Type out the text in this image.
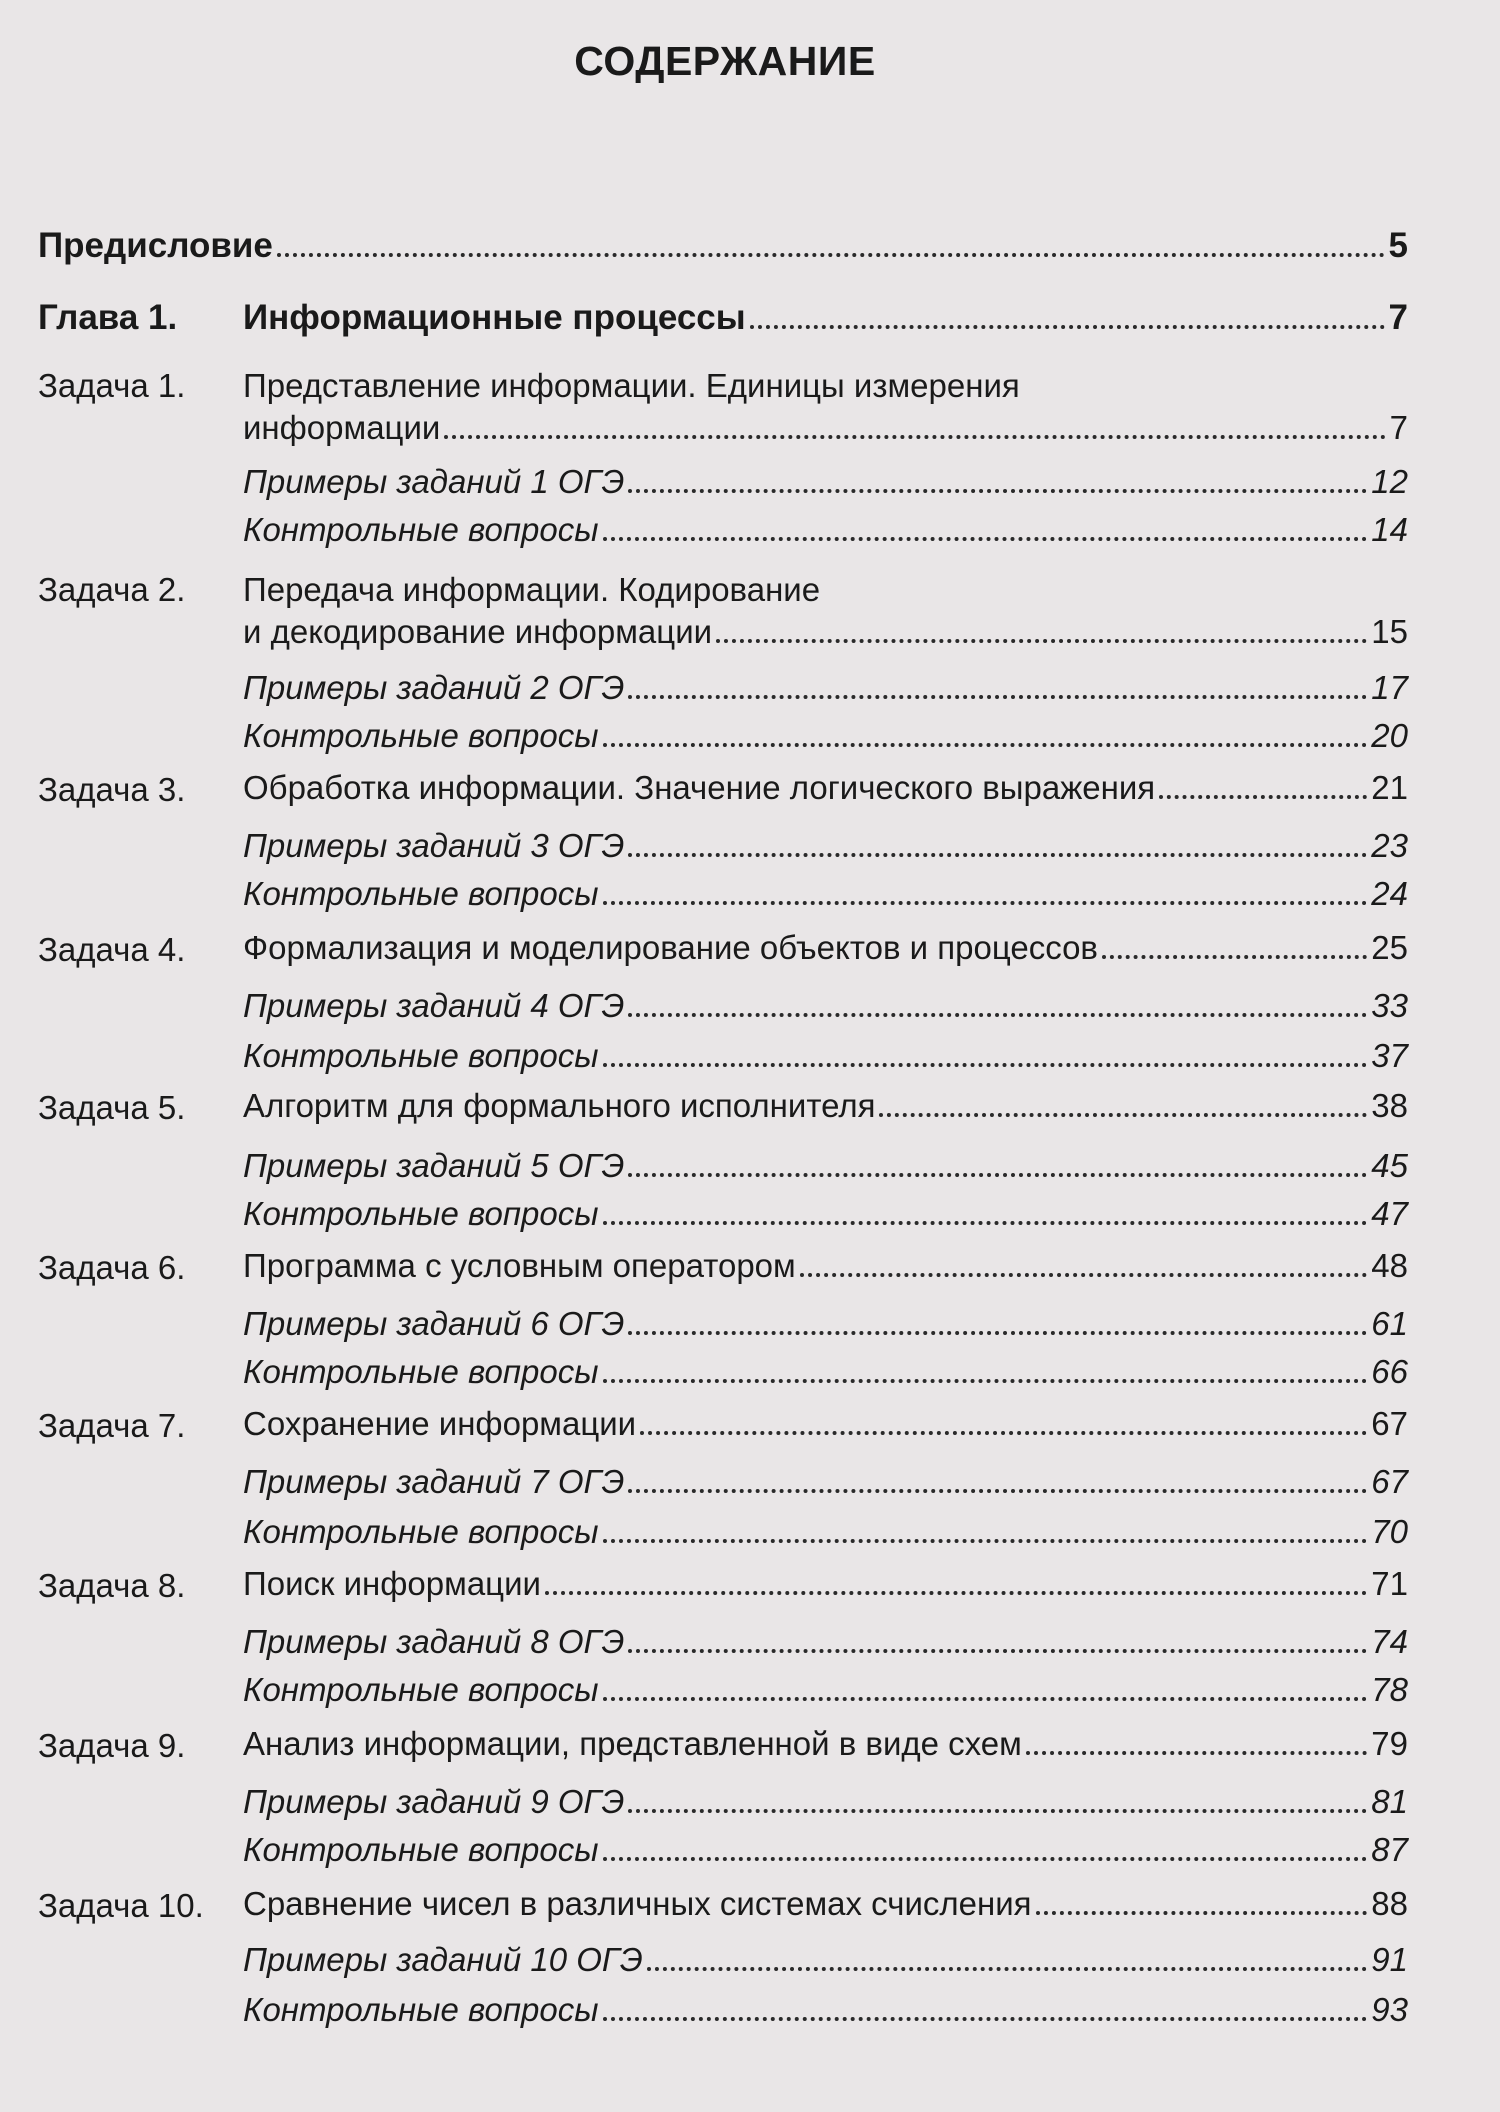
СОДЕРЖАНИЕ
Предисловие	5
Глава 1.	Информационные процессы	7
Задача 1. Представление информации. Единицы измерения
информации	7
Примеры заданий 1 ОГЭ	12
Контрольные вопросы	14
Задача 2. Передача информации. Кодирование
и декодирование информации	15
Примеры заданий 2 ОГЭ	17
Контрольные вопросы	20
Задача 3. Обработка информации. Значение логического выражения	21
Примеры заданий 3 ОГЭ	23
Контрольные вопросы	24
Задача 4. Формализация и моделирование объектов и процессов	25
Примеры заданий 4 ОГЭ	33
Контрольные вопросы	37
Задача 5. Алгоритм для формального исполнителя	38
Примеры заданий 5 ОГЭ	45
Контрольные вопросы	47
Задача 6. Программа с условным оператором	48
Примеры заданий 6 ОГЭ	61
Контрольные вопросы	66
Задача 7. Сохранение информации	67
Примеры заданий 7 ОГЭ	67
Контрольные вопросы	70
Задача 8. Поиск информации	71
Примеры заданий 8 ОГЭ	74
Контрольные вопросы	78
Задача 9. Анализ информации, представленной в виде схем	79
Примеры заданий 9 ОГЭ	81
Контрольные вопросы	87
Задача 10. Сравнение чисел в различных системах счисления	88
Примеры заданий 10 ОГЭ	91
Контрольные вопросы	93
